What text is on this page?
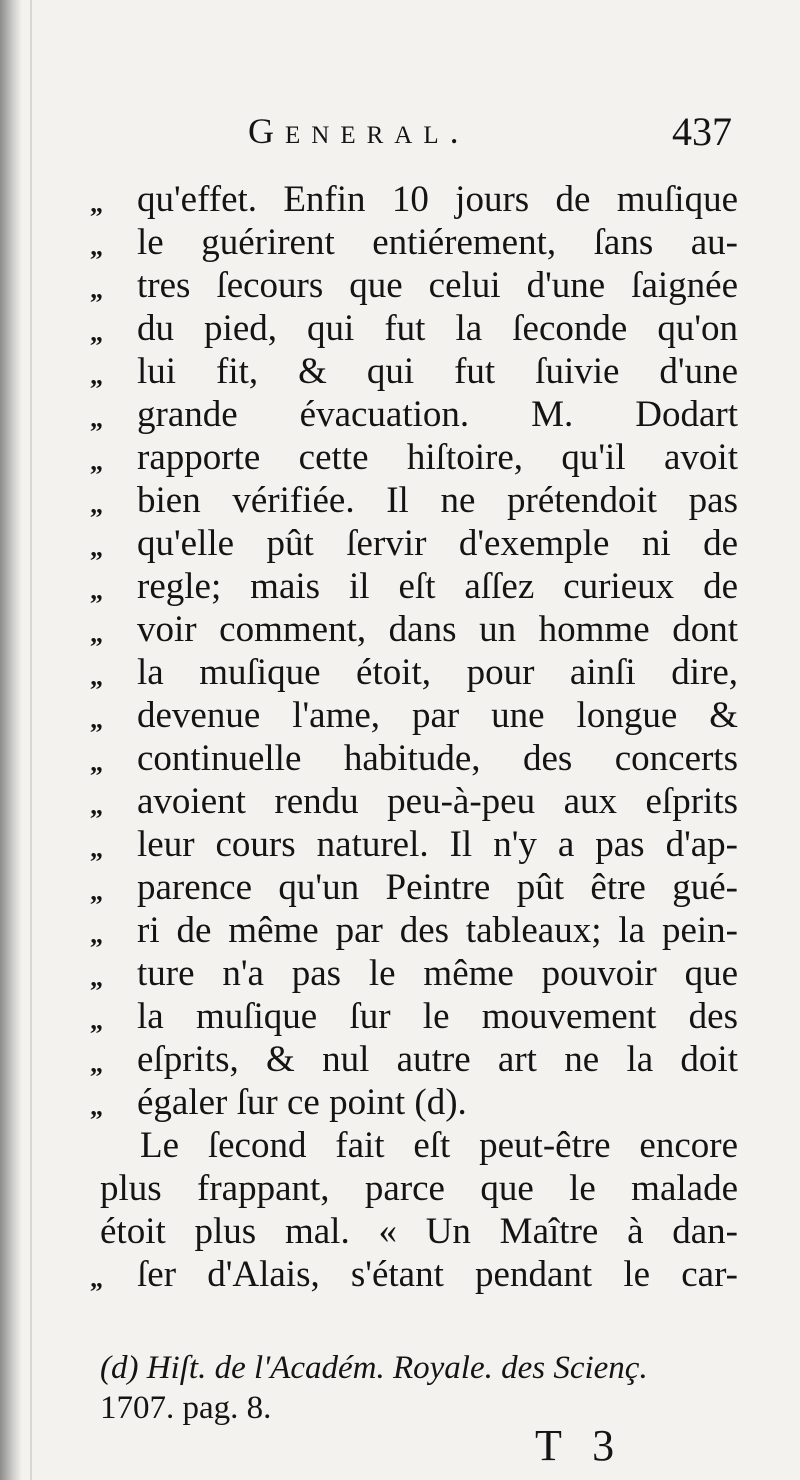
General.	437
„ qu'effet. Enfin 10 jours de muſique
„ le guérirent entiérement, ſans au-
„ tres ſecours que celui d'une ſaignée
„ du pied, qui fut la ſeconde qu'on
„ lui fit, & qui fut ſuivie d'une
„ grande évacuation. M. Dodart
„ rapporte cette hiſtoire, qu'il avoit
„ bien vérifiée. Il ne prétendoit pas
„ qu'elle pût ſervir d'exemple ni de
„ regle; mais il eſt aſſez curieux de
„ voir comment, dans un homme dont
„ la muſique étoit, pour ainſi dire,
„ devenue l'ame, par une longue &
„ continuelle habitude, des concerts
„ avoient rendu peu-à-peu aux eſprits
„ leur cours naturel. Il n'y a pas d'ap-
„ parence qu'un Peintre pût être gué-
„ ri de même par des tableaux; la pein-
„ ture n'a pas le même pouvoir que
„ la muſique ſur le mouvement des
„ eſprits, & nul autre art ne la doit
„ égaler ſur ce point (d).
Le ſecond fait eſt peut-être encore
plus frappant, parce que le malade
étoit plus mal. « Un Maître à dan-
„ ſer d'Alais, s'étant pendant le car-
(d) Hiſt. de l'Académ. Royale. des Scienç.
1707. pag. 8.
T 3
